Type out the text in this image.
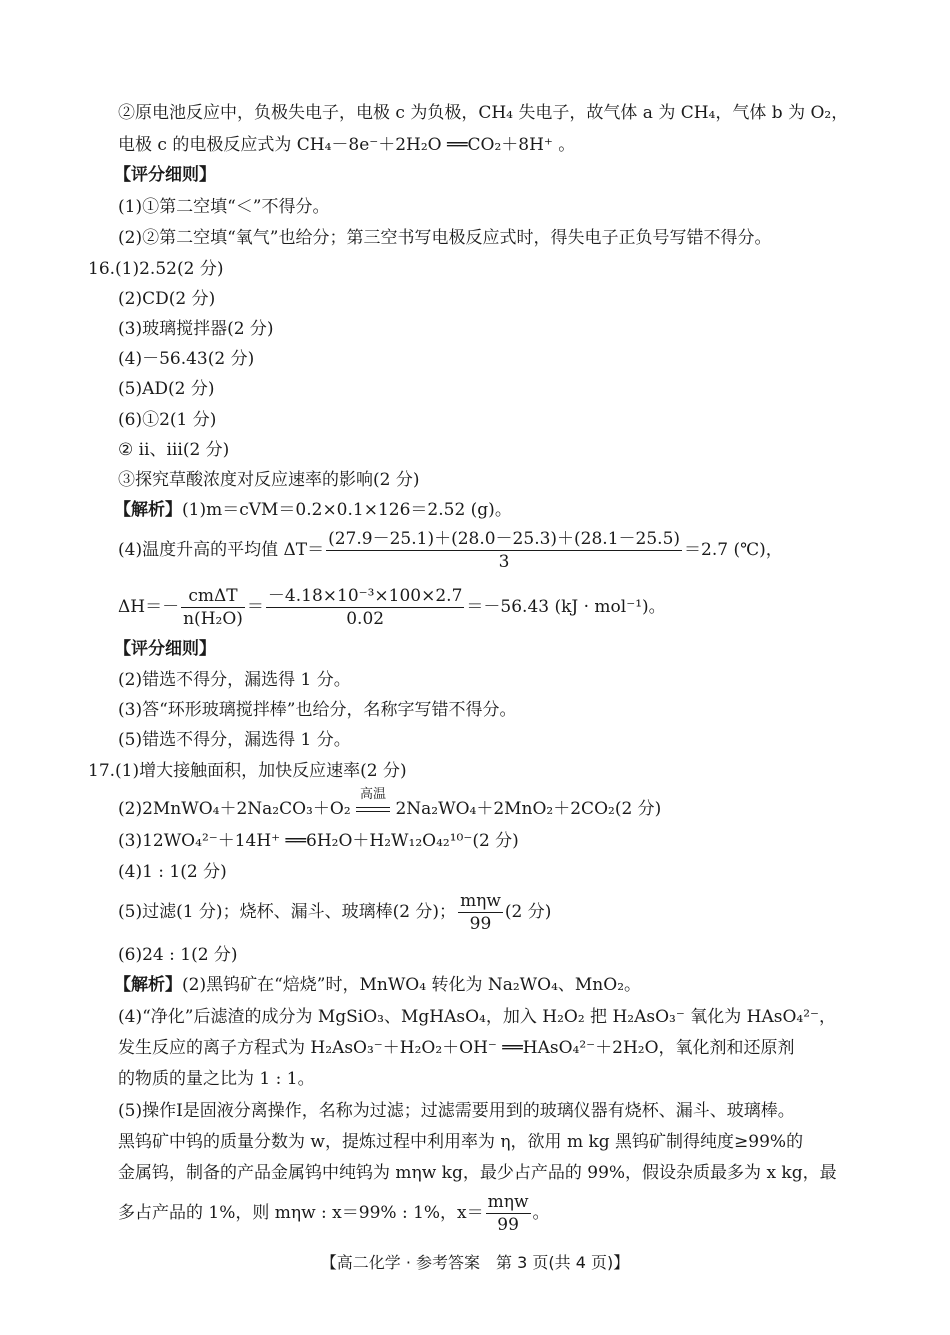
②原电池反应中，负极失电子，电极 c 为负极，CH₄ 失电子，故气体 a 为 CH₄，气体 b 为 O₂，
电极 c 的电极反应式为 CH₄－8e⁻＋2H₂O ══CO₂＋8H⁺ 。
【评分细则】
(1)①第二空填“＜”不得分。
(2)②第二空填“氧气”也给分；第三空书写电极反应式时，得失电子正负号写错不得分。
16.(1)2.52(2 分)
(2)CD(2 分)
(3)玻璃搅拌器(2 分)
(4)－56.43(2 分)
(5)AD(2 分)
(6)①2(1 分)
② ⅱ、ⅲ(2 分)
③探究草酸浓度对反应速率的影响(2 分)
【解析】(1)m＝cVM＝0.2×0.1×126＝2.52 (g)。
(4)温度升高的平均值 $\Delta T= \frac{(27.9-25.1)+(28.0-25.3)+(28.1-25.5)}{3} =2.7$ (℃)，
$\Delta H=- \frac{\text{cmΔT}}{\text{n(H₂O)}} = \frac{\text{－4.18×10⁻³×100×2.7}}{0.02} =-56.43$ (kJ · mol⁻¹)。
【评分细则】
(2)错选不得分，漏选得 1 分。
(3)答“环形玻璃搅拌棒”也给分，名称字写错不得分。
(5)错选不得分，漏选得 1 分。
17.(1)增大接触面积，加快反应速率(2 分)
(2)2MnWO₄＋2Na₂CO₃＋O₂
高温
2Na₂WO₄＋2MnO₂＋2CO₂(2 分)
(3)12WO₄²⁻＋14H⁺ ══6H₂O＋H₂W₁₂O₄₂¹⁰⁻(2 分)
(4)1 : 1(2 分)
(5)过滤(1 分)；烧杯、漏斗、玻璃棒(2 分)； $\frac{\text{mηw}}{99} (2$ 分)
(6)24 : 1(2 分)
【解析】(2)黑钨矿在“焙烧”时，MnWO₄ 转化为 Na₂WO₄、MnO₂。
(4)“净化”后滤渣的成分为 MgSiO₃、MgHAsO₄，加入 H₂O₂ 把 H₂AsO₃⁻ 氧化为 HAsO₄²⁻，
发生反应的离子方程式为 H₂AsO₃⁻＋H₂O₂＋OH⁻ ══HAsO₄²⁻＋2H₂O，氧化剂和还原剂
的物质的量之比为 1 : 1。
(5)操作Ⅰ是固液分离操作，名称为过滤；过滤需要用到的玻璃仪器有烧杯、漏斗、玻璃棒。
黑钨矿中钨的质量分数为 w，提炼过程中利用率为 η，欲用 m kg 黑钨矿制得纯度≥99%的
金属钨，制备的产品金属钨中纯钨为 mηw kg，最少占产品的 99%，假设杂质最多为 x kg，最
多占产品的 1%，则 mηw : x＝99% : 1%，$x= \frac{\text{mηw}}{99}$ 。
【高二化学 · 参考答案　第 3 页(共 4 页)】
